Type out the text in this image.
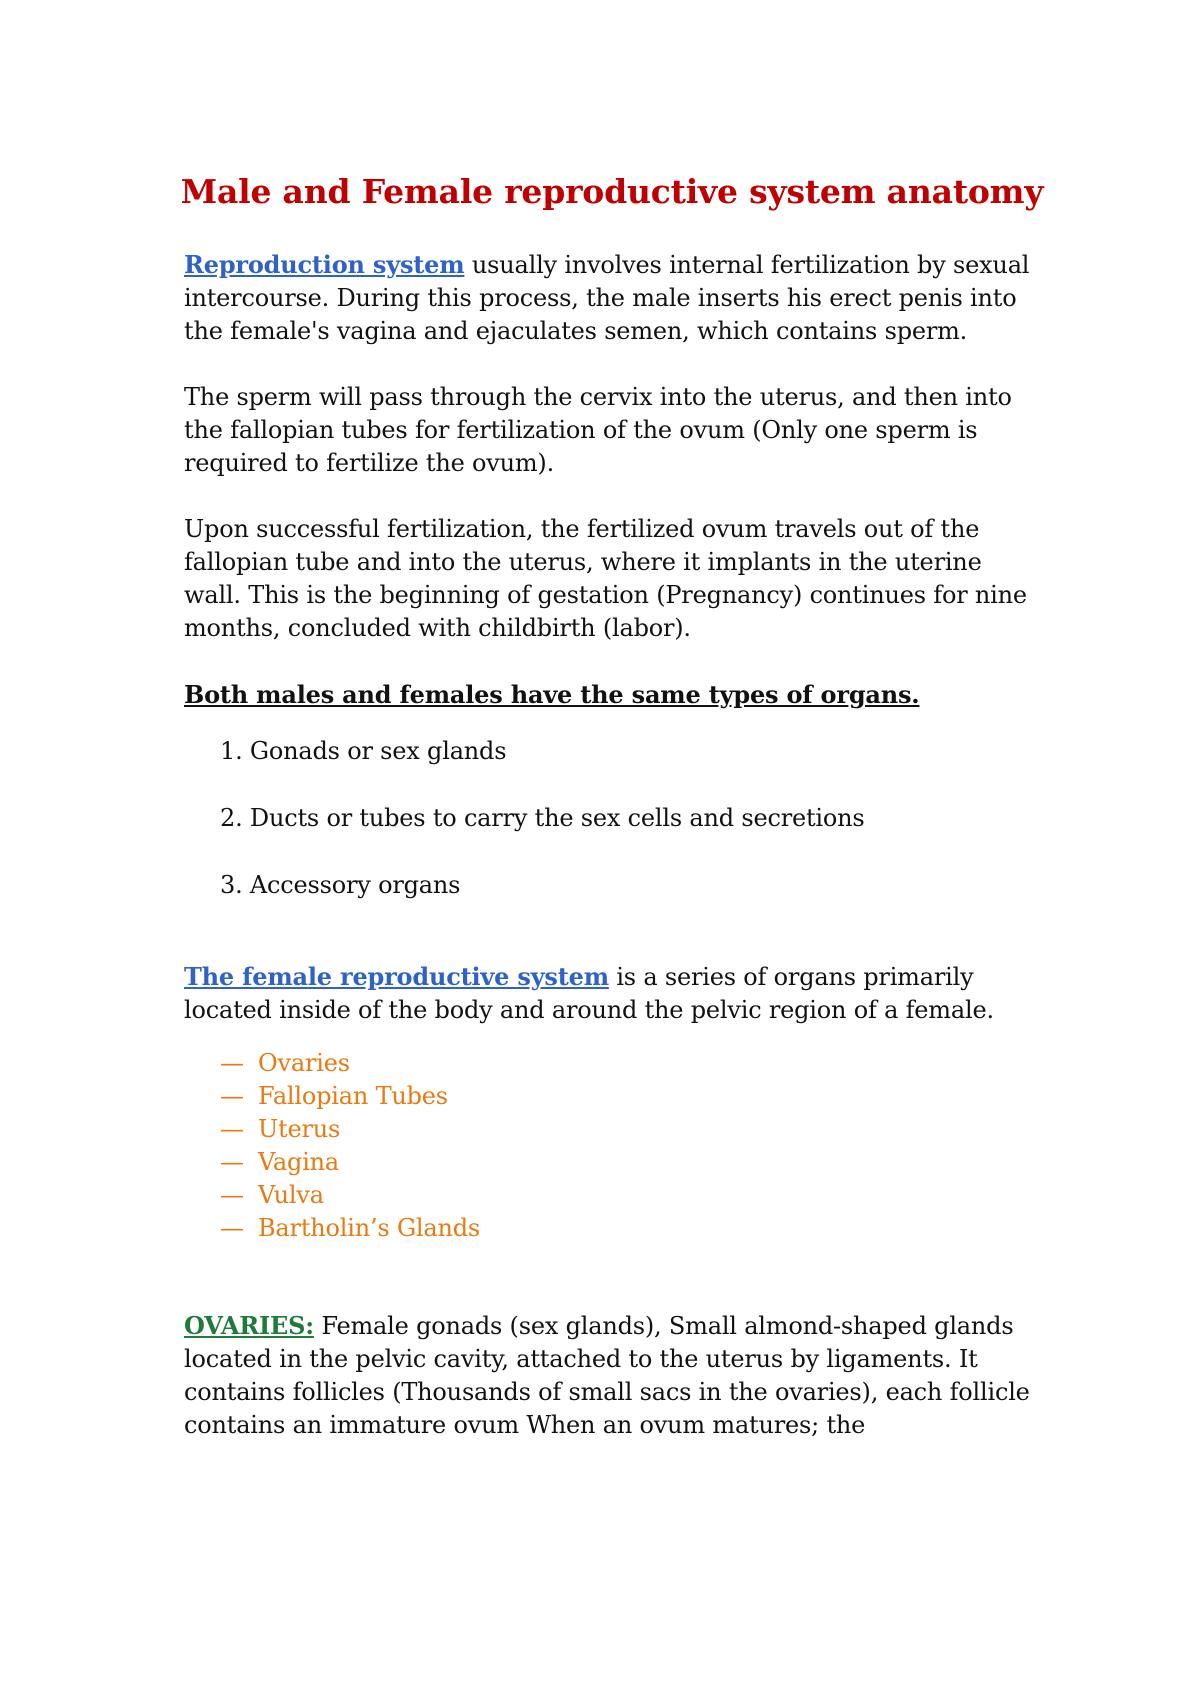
Male and Female reproductive system anatomy

Reproduction system usually involves internal fertilization by sexual intercourse. During this process, the male inserts his erect penis into the female's vagina and ejaculates semen, which contains sperm.

The sperm will pass through the cervix into the uterus, and then into the fallopian tubes for fertilization of the ovum (Only one sperm is required to fertilize the ovum).

Upon successful fertilization, the fertilized ovum travels out of the fallopian tube and into the uterus, where it implants in the uterine wall. This is the beginning of gestation (Pregnancy) continues for nine months, concluded with childbirth (labor).

Both males and females have the same types of organs.

1. Gonads or sex glands
2. Ducts or tubes to carry the sex cells and secretions
3. Accessory organs

The female reproductive system is a series of organs primarily located inside of the body and around the pelvic region of a female.

— Ovaries
— Fallopian Tubes
— Uterus
— Vagina
— Vulva
— Bartholin’s Glands

OVARIES: Female gonads (sex glands), Small almond-shaped glands located in the pelvic cavity, attached to the uterus by ligaments. It contains follicles (Thousands of small sacs in the ovaries), each follicle contains an immature ovum When an ovum matures; the
